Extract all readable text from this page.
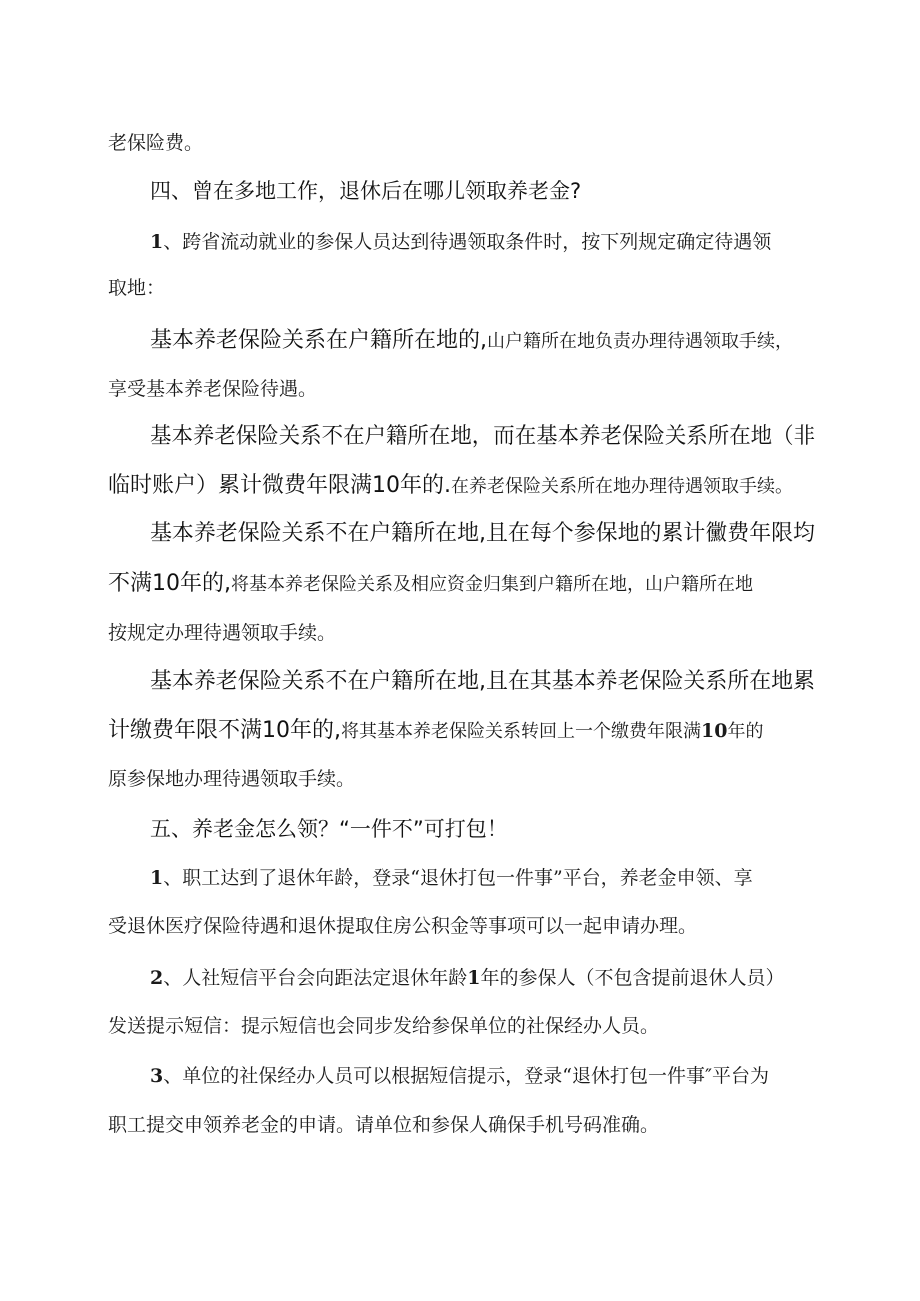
老保险费。
四、曾在多地工作，退休后在哪儿领取养老金?
1、跨省流动就业的参保人员达到待遇领取条件时，按下列规定确定待遇领
取地：
基本养老保险关系在户籍所在地的,山户籍所在地负责办理待遇领取手续，
享受基本养老保险待遇。
基本养老保险关系不在户籍所在地，而在基本养老保险关系所在地（非
临时账户）累计微费年限满10年的.在养老保险关系所在地办理待遇领取手续。
基本养老保险关系不在户籍所在地,且在每个参保地的累计黴费年限均
不满10年的,将基本养老保险关系及相应资金归集到户籍所在地，山户籍所在地
按规定办理待遇领取手续。
基本养老保险关系不在户籍所在地,且在其基本养老保险关系所在地累
计缴费年限不满10年的,将其基本养老保险关系转回上一个缴费年限满10年的
原参保地办理待遇领取手续。
五、养老金怎么领？“一件不”可打包！
1、职工达到了退休年龄，登录“退休打包一件事”平台，养老金申领、享
受退休医疗保险待遇和退休提取住房公积金等事项可以一起申请办理。
2、人社短信平台会向距法定退休年龄1年的参保人（不包含提前退休人员）
发送提示短信：提示短信也会同步发给参保单位的社保经办人员。
3、单位的社保经办人员可以根据短信提示，登录“退休打包一件事″平台为
职工提交申领养老金的申请。请单位和参保人确保手机号码准确。
